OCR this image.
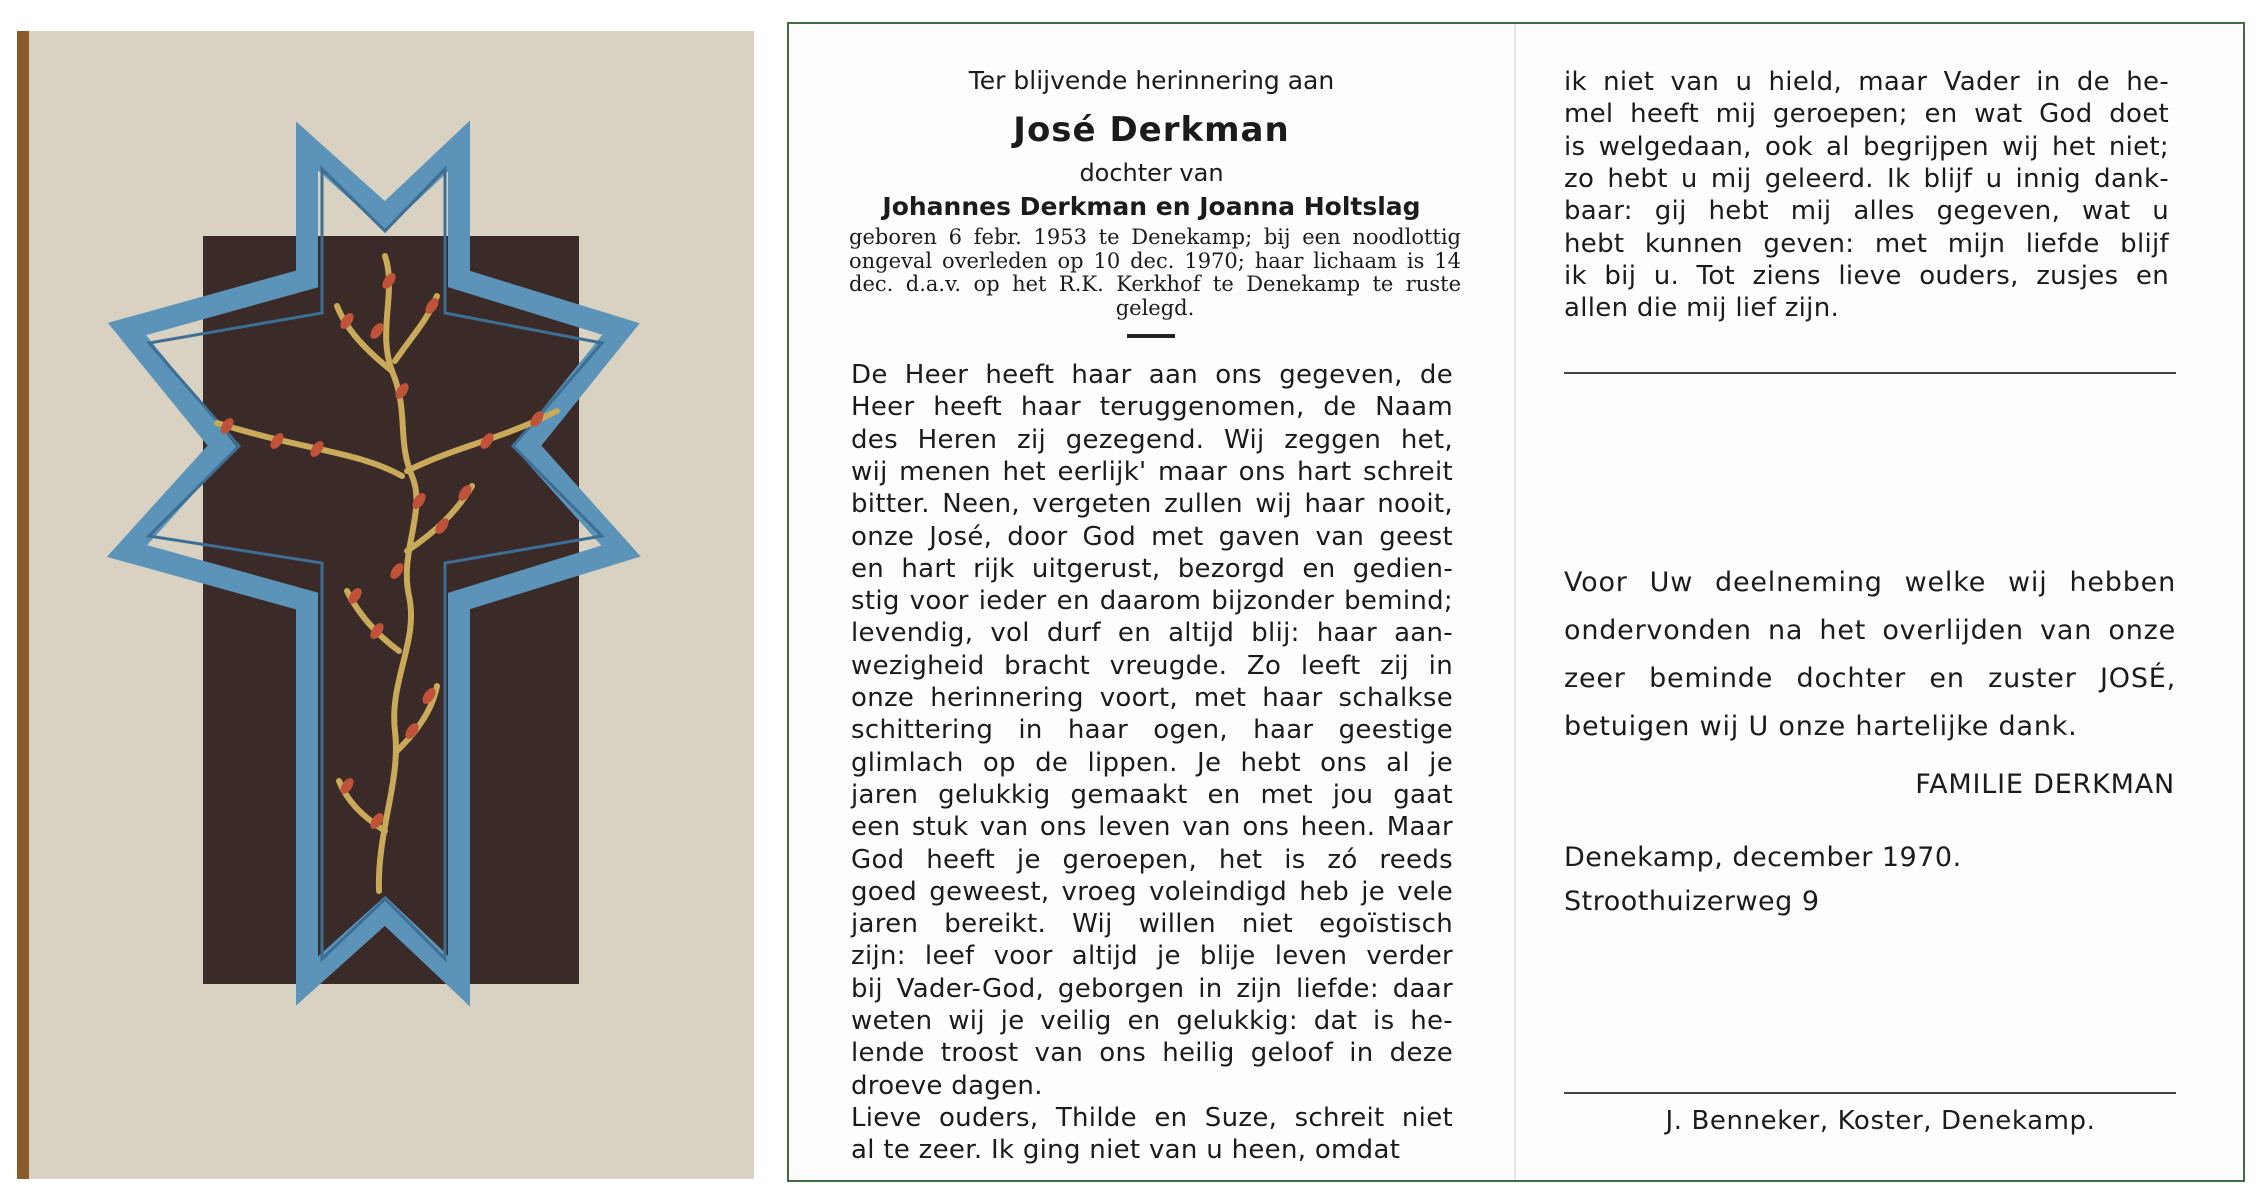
Ter blijvende herinnering aan
José Derkman
dochter van
Johannes Derkman en Joanna Holtslag
geboren 6 febr. 1953 te Denekamp; bij een noodlottig ongeval overleden op 10 dec. 1970; haar lichaam is 14 dec. d.a.v. op het R.K. Kerkhof te Denekamp te ruste gelegd.
De Heer heeft haar aan ons gegeven, de
Heer heeft haar teruggenomen, de Naam
des Heren zij gezegend. Wij zeggen het,
wij menen het eerlijk' maar ons hart schreit
bitter. Neen, vergeten zullen wij haar nooit,
onze José, door God met gaven van geest
en hart rijk uitgerust, bezorgd en gedien-
stig voor ieder en daarom bijzonder bemind;
levendig, vol durf en altijd blij: haar aan-
wezigheid bracht vreugde. Zo leeft zij in
onze herinnering voort, met haar schalkse
schittering in haar ogen, haar geestige
glimlach op de lippen. Je hebt ons al je
jaren gelukkig gemaakt en met jou gaat
een stuk van ons leven van ons heen. Maar
God heeft je geroepen, het is zó reeds
goed geweest, vroeg voleindigd heb je vele
jaren bereikt. Wij willen niet egoïstisch
zijn: leef voor altijd je blije leven verder
bij Vader-God, geborgen in zijn liefde: daar
weten wij je veilig en gelukkig: dat is he-
lende troost van ons heilig geloof in deze
droeve dagen.
Lieve ouders, Thilde en Suze, schreit niet
al te zeer. Ik ging niet van u heen, omdat
ik niet van u hield, maar Vader in de he-
mel heeft mij geroepen; en wat God doet
is welgedaan, ook al begrijpen wij het niet;
zo hebt u mij geleerd. Ik blijf u innig dank-
baar: gij hebt mij alles gegeven, wat u
hebt kunnen geven: met mijn liefde blijf
ik bij u. Tot ziens lieve ouders, zusjes en
allen die mij lief zijn.
Voor Uw deelneming welke wij hebben
ondervonden na het overlijden van onze
zeer beminde dochter en zuster JOSÉ,
betuigen wij U onze hartelijke dank.
FAMILIE DERKMAN
Denekamp, december 1970.
Stroothuizerweg 9
J. Benneker, Koster, Denekamp.
